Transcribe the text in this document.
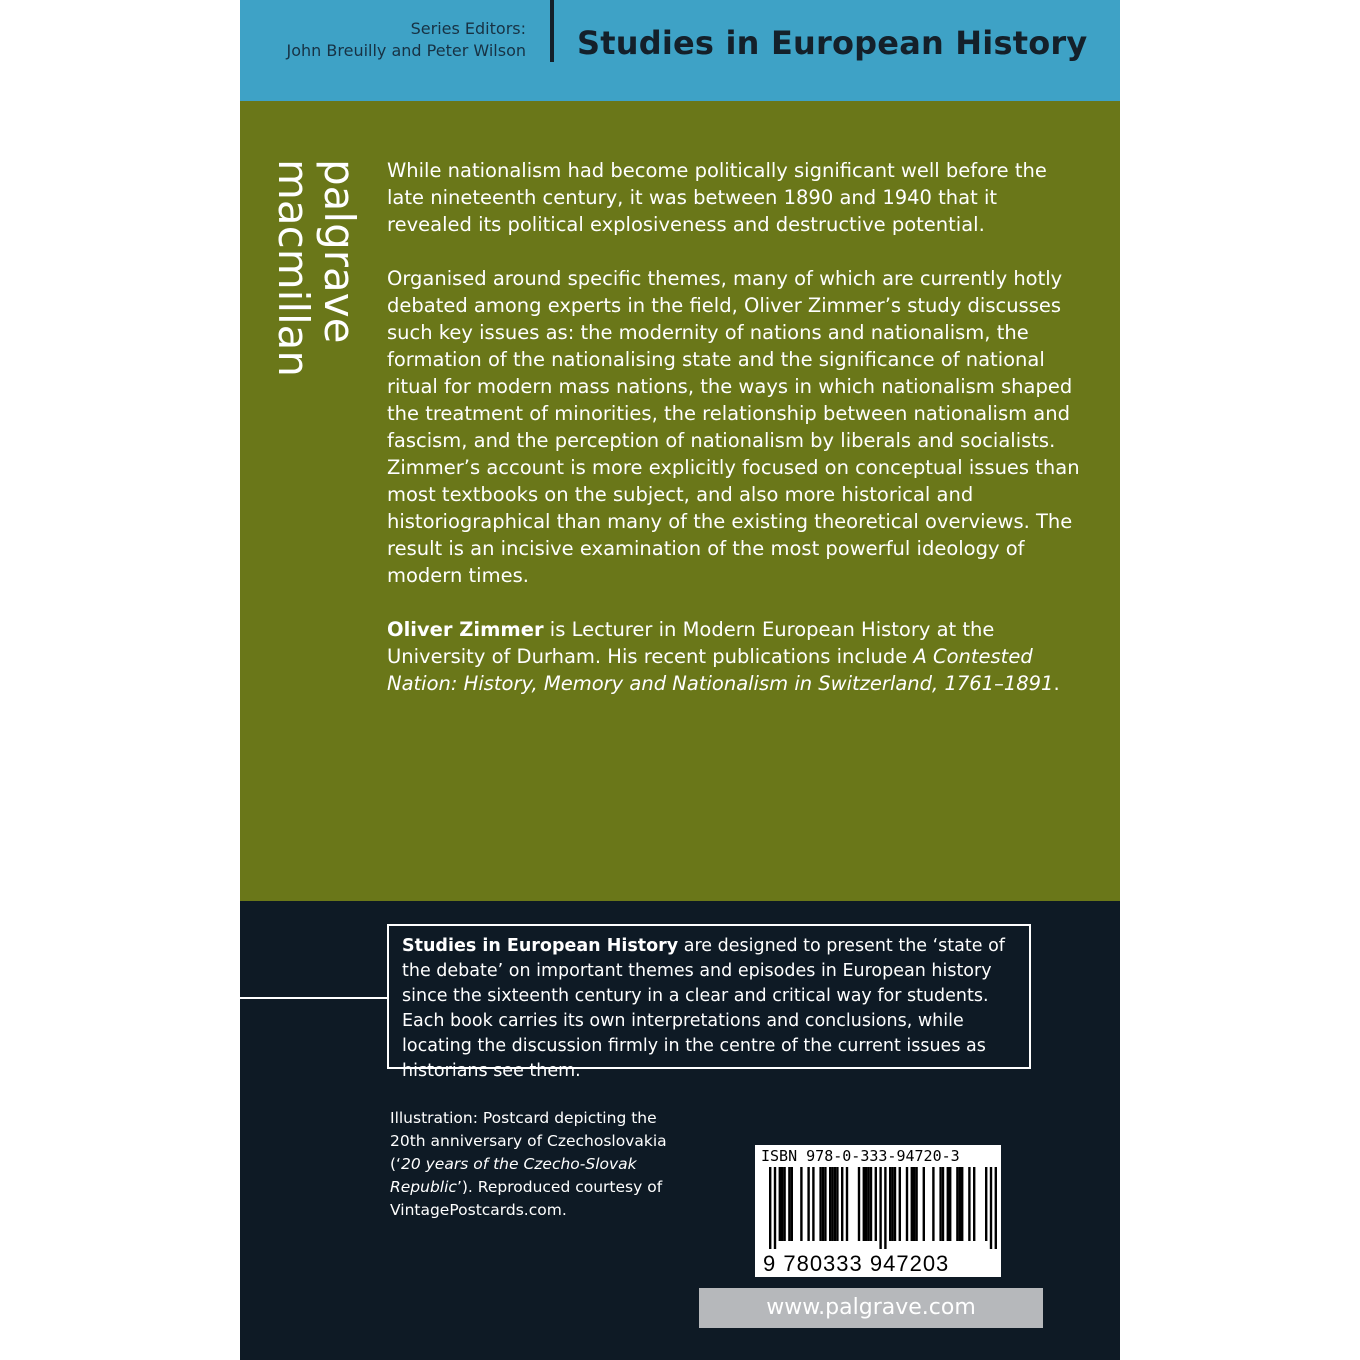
Series Editors:
John Breuilly and Peter Wilson Studies in European History
palgrave
macmillan	While nationalism had become politically significant well before the late nineteenth century, it was between 1890 and 1940 that it revealed its political explosiveness and destructive potential.

Organised around specific themes, many of which are currently hotly debated among experts in the field, Oliver Zimmer’s study discusses such key issues as: the modernity of nations and nationalism, the formation of the nationalising state and the significance of national ritual for modern mass nations, the ways in which nationalism shaped the treatment of minorities, the relationship between nationalism and fascism, and the perception of nationalism by liberals and socialists. Zimmer’s account is more explicitly focused on conceptual issues than most textbooks on the subject, and also more historical and historiographical than many of the existing theoretical overviews. The result is an incisive examination of the most powerful ideology of modern times.

Oliver Zimmer is Lecturer in Modern European History at the University of Durham. His recent publications include A Contested Nation: History, Memory and Nationalism in Switzerland, 1761–1891.

Studies in European History are designed to present the ‘state of the debate’ on important themes and episodes in European history since the sixteenth century in a clear and critical way for students. Each book carries its own interpretations and conclusions, while locating the discussion firmly in the centre of the current issues as historians see them.
Illustration: Postcard depicting the 20th anniversary of Czechoslovakia (‘20 years of the Czecho-Slovak Republic’). Reproduced courtesy of VintagePostcards.com.
ISBN 978-0-333-94720-3
9 780333 947203
www.palgrave.com
